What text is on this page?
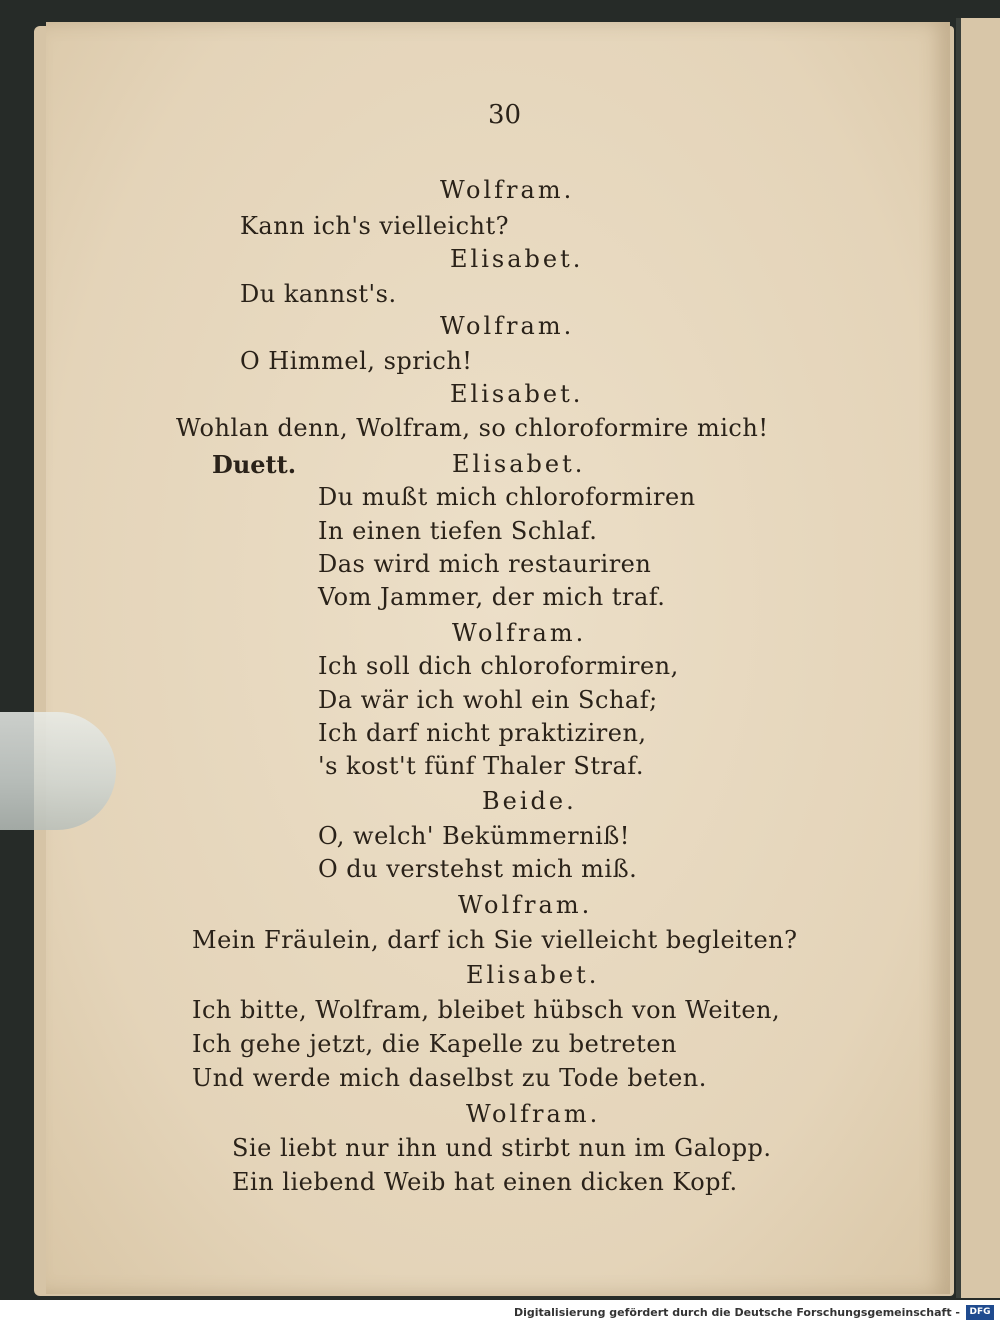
30
Wolfram.
Kann ich's vielleicht?
Elisabet.
Du kannst's.
Wolfram.
O Himmel, sprich!
Elisabet.
Wohlan denn, Wolfram, so chloroformire mich!
Elisabet.
Du mußt mich chloroformiren
In einen tiefen Schlaf.
Das wird mich restauriren
Vom Jammer, der mich traf.
Wolfram.
Ich soll dich chloroformiren,
Da wär ich wohl ein Schaf;
Ich darf nicht praktiziren,
's kost't fünf Thaler Straf.
Beide.
O, welch' Bekümmerniß!
O du verstehst mich miß.
Wolfram.
Mein Fräulein, darf ich Sie vielleicht begleiten?
Elisabet.
Ich bitte, Wolfram, bleibet hübsch von Weiten,
Ich gehe jetzt, die Kapelle zu betreten
Und werde mich daselbst zu Tode beten.
Wolfram.
Sie liebt nur ihn und stirbt nun im Galopp.
Ein liebend Weib hat einen dicken Kopf.
Duett.
Digitalisierung gefördert durch die Deutsche Forschungsgemeinschaft -	DFG
